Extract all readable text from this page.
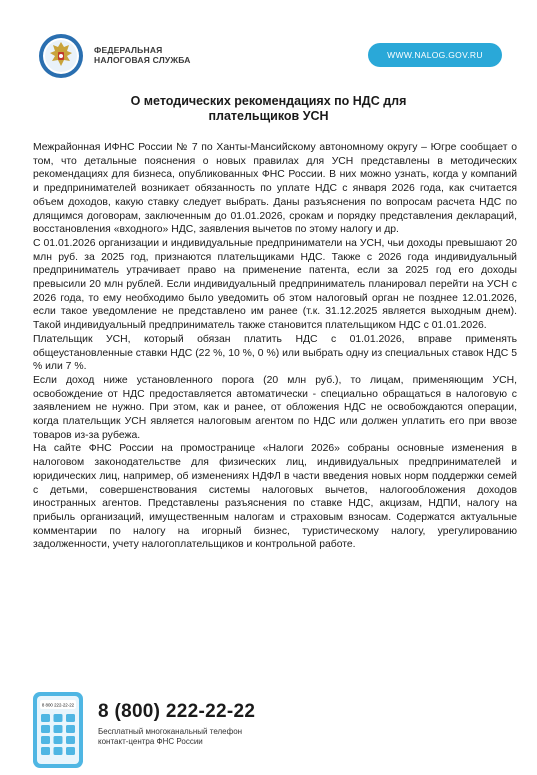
ФЕДЕРАЛЬНАЯ
НАЛОГОВАЯ СЛУЖБА	WWW.NALOG.GOV.RU
О методических рекомендациях по НДС для
плательщиков УСН

Межрайонная ИФНС России № 7 по Ханты-Мансийскому автономному округу – Югре сообщает о том, что детальные пояснения о новых правилах для УСН представлены в методических рекомендациях для бизнеса, опубликованных ФНС России. В них можно узнать, когда у компаний и предпринимателей возникает обязанность по уплате НДС с января 2026 года, как считается объем доходов, какую ставку следует выбрать. Даны разъяснения по вопросам расчета НДС по длящимся договорам, заключенным до 01.01.2026, срокам и порядку представления деклараций, восстановления «входного» НДС, заявления вычетов по этому налогу и др.

С 01.01.2026 организации и индивидуальные предприниматели на УСН, чьи доходы превышают 20 млн руб. за 2025 год, признаются плательщиками НДС. Также с 2026 года индивидуальный предприниматель утрачивает право на применение патента, если за 2025 год его доходы превысили 20 млн рублей. Если индивидуальный предприниматель планировал перейти на УСН с 2026 года, то ему необходимо было уведомить об этом налоговый орган не позднее 12.01.2026, если такое уведомление не представлено им ранее (т.к. 31.12.2025 является выходным днем). Такой индивидуальный предприниматель также становится плательщиком НДС с 01.01.2026.

Плательщик УСН, который обязан платить НДС с 01.01.2026, вправе применять общеустановленные ставки НДС (22 %, 10 %, 0 %) или выбрать одну из специальных ставок НДС 5 % или 7 %.

Если доход ниже установленного порога (20 млн руб.), то лицам, применяющим УСН, освобождение от НДС предоставляется автоматически - специально обращаться в налоговую с заявлением не нужно. При этом, как и ранее, от обложения НДС не освобождаются операции, когда плательщик УСН является налоговым агентом по НДС или должен уплатить его при ввозе товаров из-за рубежа.

На сайте ФНС России на промостранице «Налоги 2026» собраны основные изменения в налоговом законодательстве для физических лиц, индивидуальных предпринимателей и юридических лиц, например, об изменениях НДФЛ в части введения новых норм поддержки семей с детьми, совершенствования системы налоговых вычетов, налогообложения доходов иностранных агентов. Представлены разъяснения по ставке НДС, акцизам, НДПИ, налогу на прибыль организаций, имущественным налогам и страховым взносам. Содержатся актуальные комментарии по налогу на игорный бизнес, туристическому налогу, урегулированию задолженности, учету налогоплательщиков и контрольной работе.

8 800 222-22-22 8 (800) 222-22-22
Бесплатный многоканальный телефон
контакт-центра ФНС России
